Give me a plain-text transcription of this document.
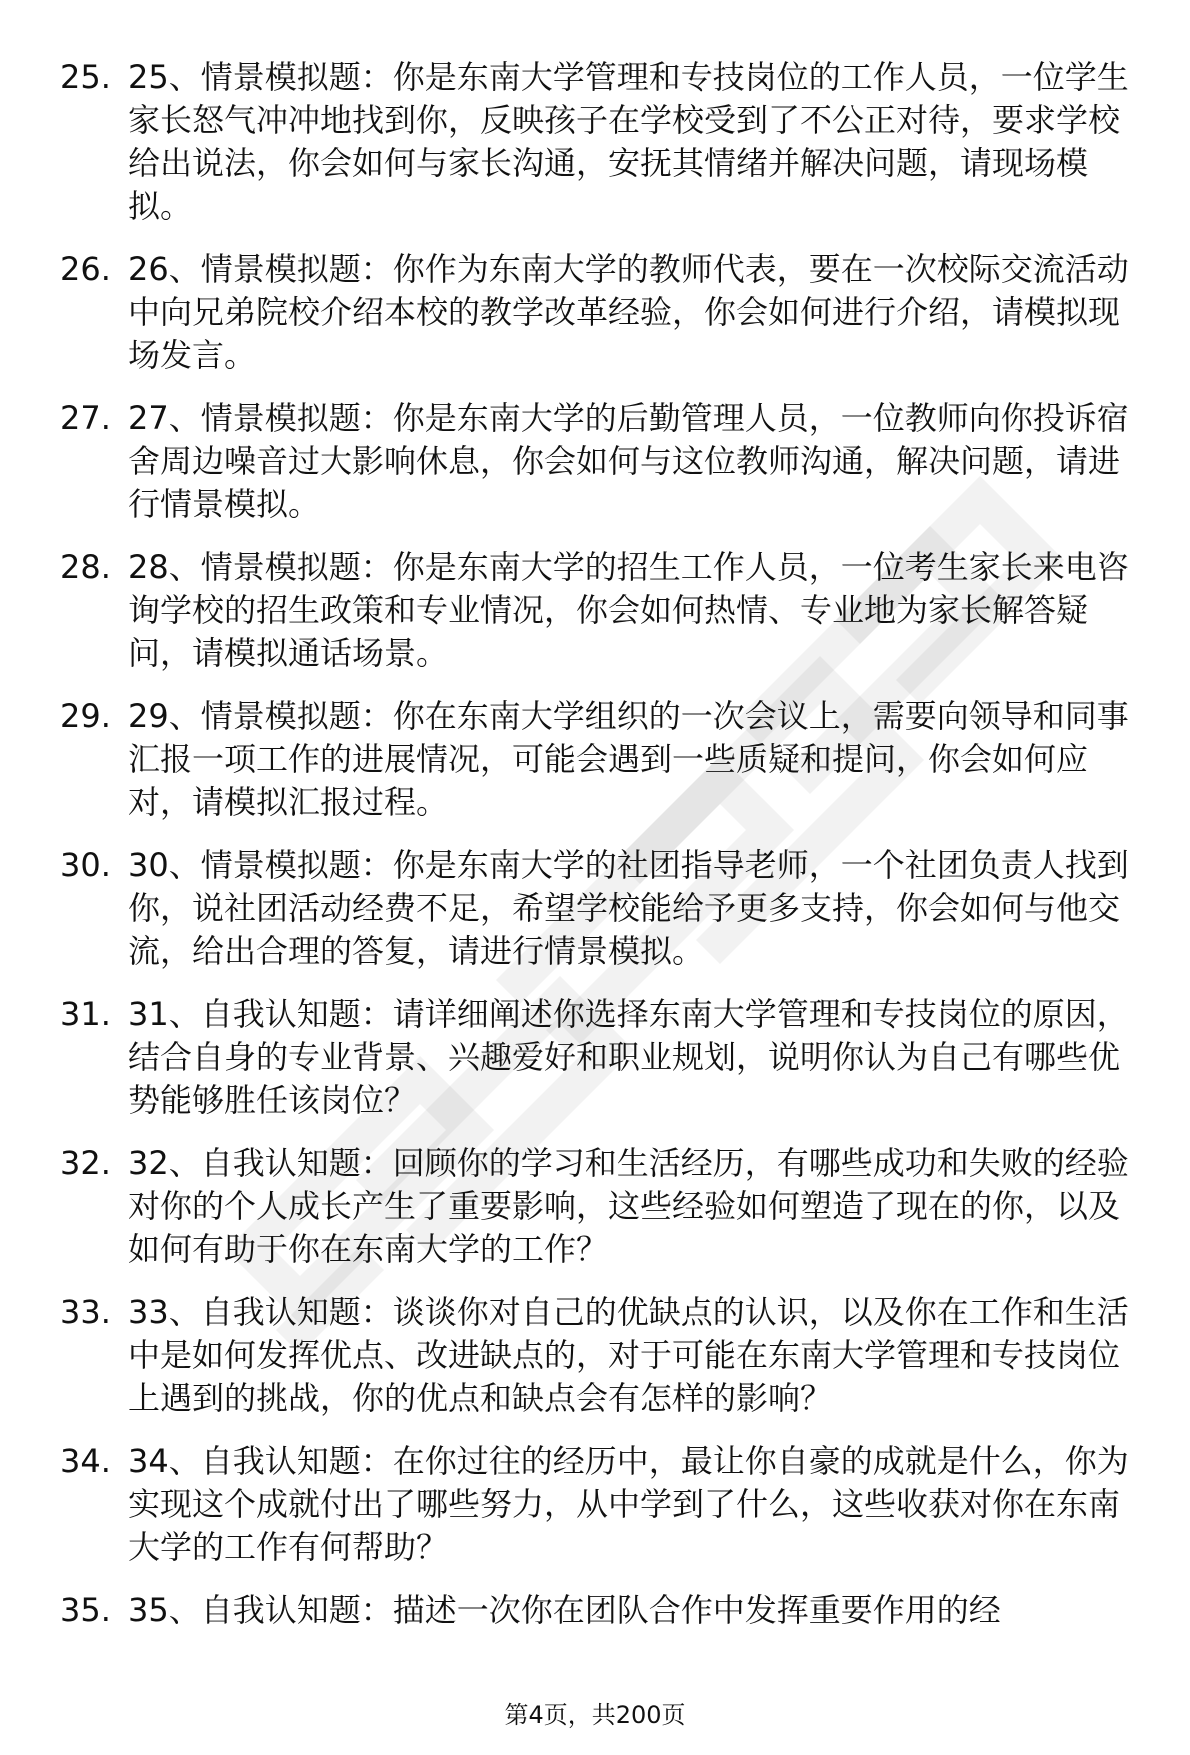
25. 25、情景模拟题：你是东南大学管理和专技岗位的工作人员，一位学生家长怒气冲冲地找到你，反映孩子在学校受到了不公正对待，要求学校给出说法，你会如何与家长沟通，安抚其情绪并解决问题，请现场模拟。
26. 26、情景模拟题：你作为东南大学的教师代表，要在一次校际交流活动中向兄弟院校介绍本校的教学改革经验，你会如何进行介绍，请模拟现场发言。
27. 27、情景模拟题：你是东南大学的后勤管理人员，一位教师向你投诉宿舍周边噪音过大影响休息，你会如何与这位教师沟通，解决问题，请进行情景模拟。
28. 28、情景模拟题：你是东南大学的招生工作人员，一位考生家长来电咨询学校的招生政策和专业情况，你会如何热情、专业地为家长解答疑问，请模拟通话场景。
29. 29、情景模拟题：你在东南大学组织的一次会议上，需要向领导和同事汇报一项工作的进展情况，可能会遇到一些质疑和提问，你会如何应对，请模拟汇报过程。
30. 30、情景模拟题：你是东南大学的社团指导老师，一个社团负责人找到你，说社团活动经费不足，希望学校能给予更多支持，你会如何与他交流，给出合理的答复，请进行情景模拟。
31. 31、自我认知题：请详细阐述你选择东南大学管理和专技岗位的原因，结合自身的专业背景、兴趣爱好和职业规划，说明你认为自己有哪些优势能够胜任该岗位？
32. 32、自我认知题：回顾你的学习和生活经历，有哪些成功和失败的经验对你的个人成长产生了重要影响，这些经验如何塑造了现在的你，以及如何有助于你在东南大学的工作？
33. 33、自我认知题：谈谈你对自己的优缺点的认识，以及你在工作和生活中是如何发挥优点、改进缺点的，对于可能在东南大学管理和专技岗位上遇到的挑战，你的优点和缺点会有怎样的影响？
34. 34、自我认知题：在你过往的经历中，最让你自豪的成就是什么，你为实现这个成就付出了哪些努力，从中学到了什么，这些收获对你在东南大学的工作有何帮助？
35. 35、自我认知题：描述一次你在团队合作中发挥重要作用的经
第4页，共200页
